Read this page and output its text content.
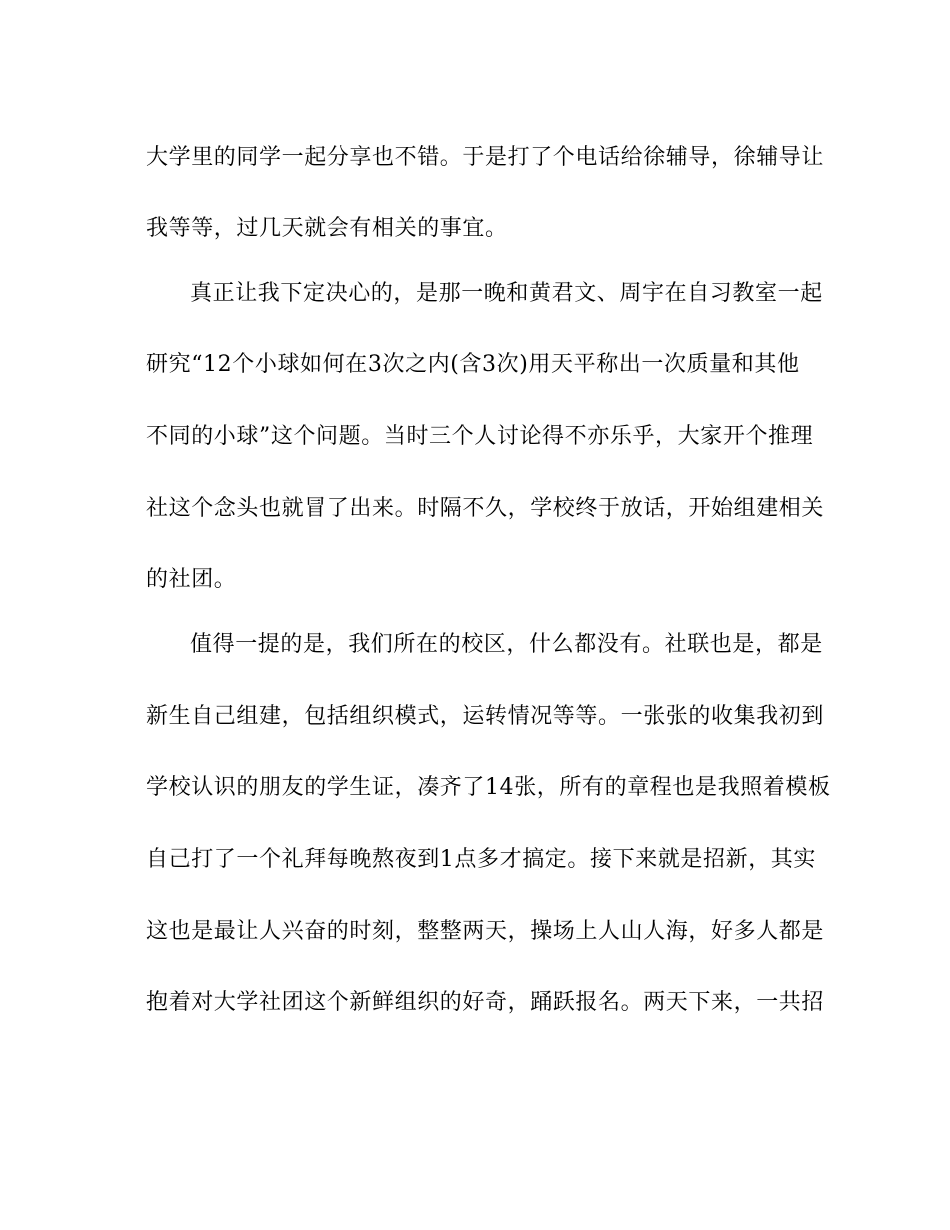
大学里的同学一起分享也不错。于是打了个电话给徐辅导，徐辅导让
我等等，过几天就会有相关的事宜。
真正让我下定决心的，是那一晚和黄君文、周宇在自习教室一起
研究“12个小球如何在3次之内(含3次)用天平称出一次质量和其他
不同的小球”这个问题。当时三个人讨论得不亦乐乎，大家开个推理
社这个念头也就冒了出来。时隔不久，学校终于放话，开始组建相关
的社团。
值得一提的是，我们所在的校区，什么都没有。社联也是，都是
新生自己组建，包括组织模式，运转情况等等。一张张的收集我初到
学校认识的朋友的学生证，凑齐了14张，所有的章程也是我照着模板
自己打了一个礼拜每晚熬夜到1点多才搞定。接下来就是招新，其实
这也是最让人兴奋的时刻，整整两天，操场上人山人海，好多人都是
抱着对大学社团这个新鲜组织的好奇，踊跃报名。两天下来，一共招
